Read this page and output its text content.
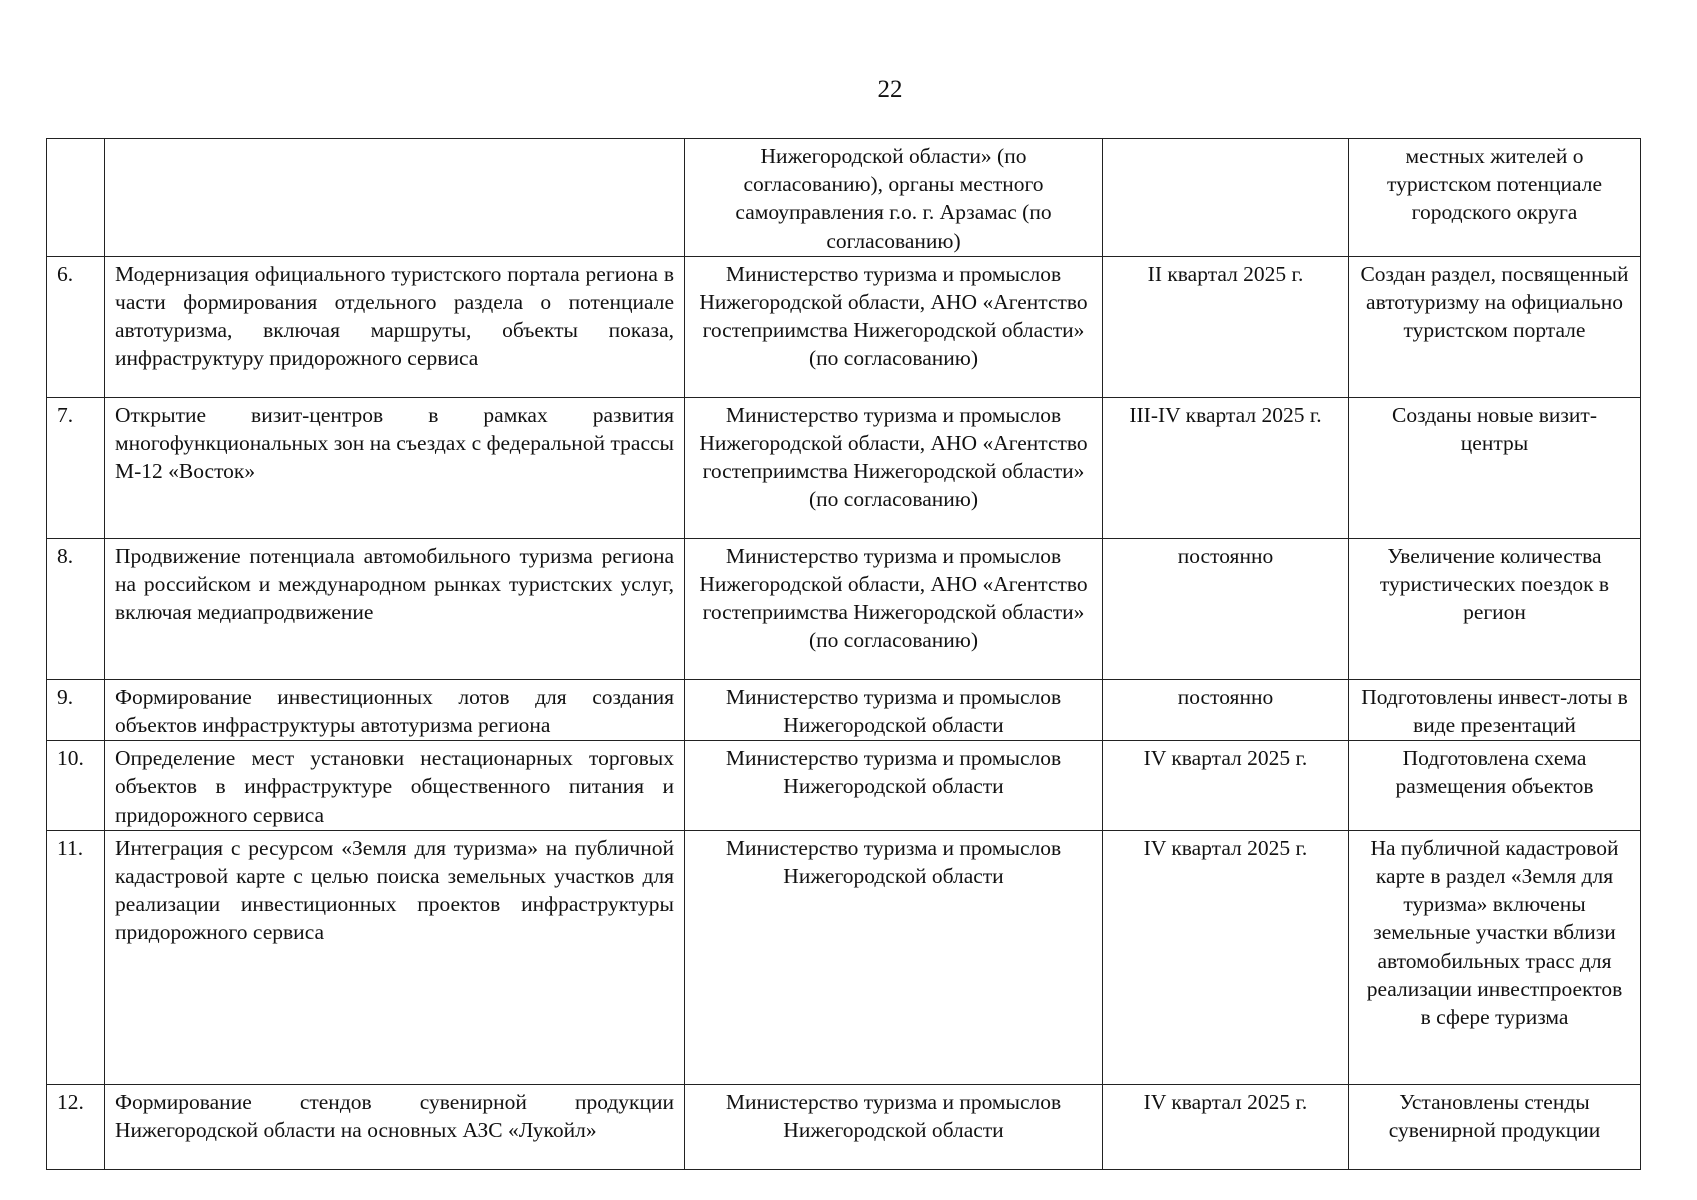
22
		Нижегородской области» (по согласованию), органы местного самоуправления г.о. г. Арзамас (по согласованию)		местных жителей о туристском потенциале городского округа
6.	Модернизация официального туристского портала региона в части формирования отдельного раздела о потенциале автотуризма, включая маршруты, объекты показа, инфраструктуру придорожного сервиса	Министерство туризма и промыслов Нижегородской области, АНО «Агентство гостеприимства Нижегородской области» (по согласованию)	II квартал 2025 г.	Создан раздел, посвященный автотуризму на официально туристском портале
7.	Открытие визит-центров в рамках развития многофункциональных зон на съездах с федеральной трассы М-12 «Восток»	Министерство туризма и промыслов Нижегородской области, АНО «Агентство гостеприимства Нижегородской области» (по согласованию)	III-IV квартал 2025 г.	Созданы новые визит-центры
8.	Продвижение потенциала автомобильного туризма региона на российском и международном рынках туристских услуг, включая медиапродвижение	Министерство туризма и промыслов Нижегородской области, АНО «Агентство гостеприимства Нижегородской области» (по согласованию)	постоянно	Увеличение количества туристических поездок в регион
9.	Формирование инвестиционных лотов для создания объектов инфраструктуры автотуризма региона	Министерство туризма и промыслов Нижегородской области	постоянно	Подготовлены инвест-лоты в виде презентаций
10.	Определение мест установки нестационарных торговых объектов в инфраструктуре общественного питания и придорожного сервиса	Министерство туризма и промыслов Нижегородской области	IV квартал 2025 г.	Подготовлена схема размещения объектов
11.	Интеграция с ресурсом «Земля для туризма» на публичной кадастровой карте с целью поиска земельных участков для реализации инвестиционных проектов инфраструктуры придорожного сервиса	Министерство туризма и промыслов Нижегородской области	IV квартал 2025 г.	На публичной кадастровой карте в раздел «Земля для туризма» включены земельные участки вблизи автомобильных трасс для реализации инвестпроектов в сфере туризма
12.	Формирование стендов сувенирной продукции Нижегородской области на основных АЗС «Лукойл»	Министерство туризма и промыслов Нижегородской области	IV квартал 2025 г.	Установлены стенды сувенирной продукции
